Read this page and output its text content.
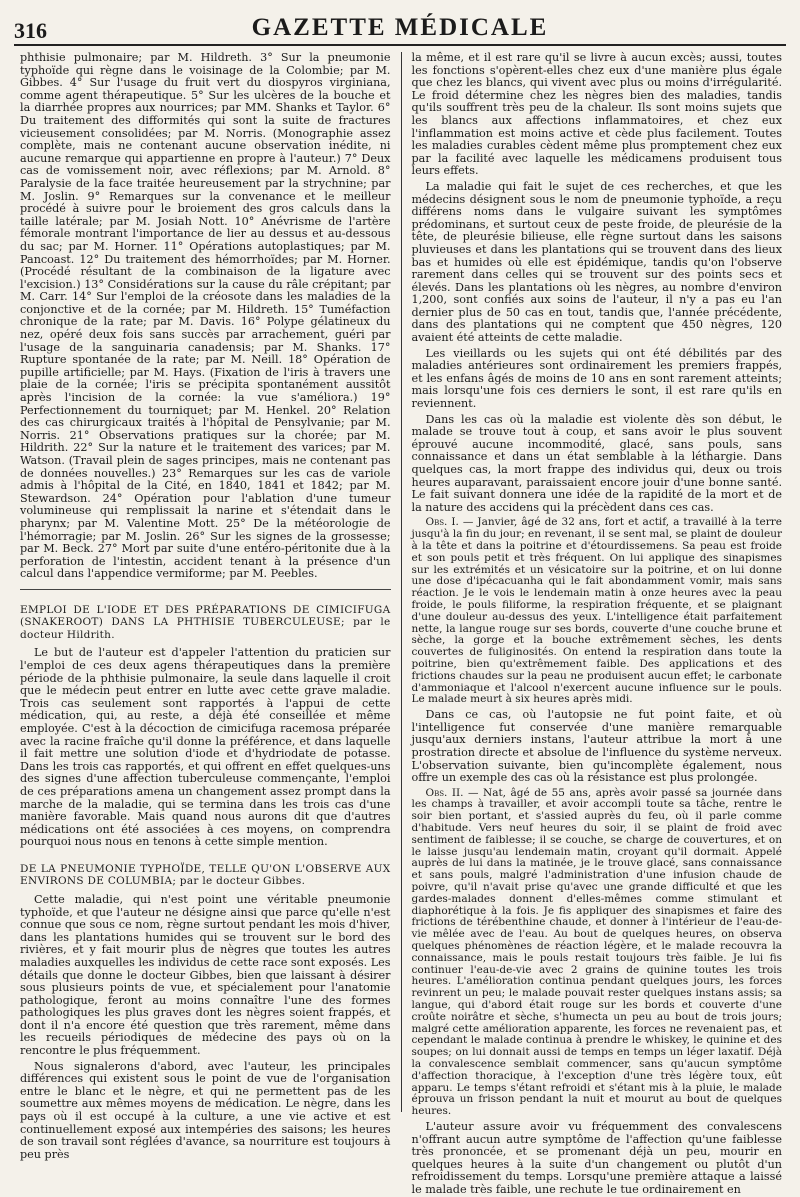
316	GAZETTE MÉDICALE

phthisie pulmonaire; par M. Hildreth. 3° Sur la pneumonie typhoïde qui règne dans le voisinage de la Colombie; par M. Gibbes. 4° Sur l'usage du fruit vert du diospyros virginiana, comme agent thérapeutique. 5° Sur les ulcères de la bouche et la diarrhée propres aux nourrices; par MM. Shanks et Taylor. 6° Du traitement des difformités qui sont la suite de fractures vicieusement consolidées; par M. Norris. (Monographie assez complète, mais ne contenant aucune observation inédite, ni aucune remarque qui appartienne en propre à l'auteur.) 7° Deux cas de vomissement noir, avec réflexions; par M. Arnold. 8° Paralysie de la face traitée heureusement par la strychnine; par M. Joslin. 9° Remarques sur la convenance et le meilleur procédé à suivre pour le broiement des gros calculs dans la taille latérale; par M. Josiah Nott. 10° Anévrisme de l'artère fémorale montrant l'importance de lier au dessus et au-dessous du sac; par M. Horner. 11° Opérations autoplastiques; par M. Pancoast. 12° Du traitement des hémorrhoïdes; par M. Horner. (Procédé résultant de la combinaison de la ligature avec l'excision.) 13° Considérations sur la cause du râle crépitant; par M. Carr. 14° Sur l'emploi de la créosote dans les maladies de la conjonctive et de la cornée; par M. Hildreth. 15° Tuméfaction chronique de la rate; par M. Davis. 16° Polype gélatineux du nez, opéré deux fois sans succès par arrachement, guéri par l'usage de la sanguinaria canadensis; par M. Shanks. 17° Rupture spontanée de la rate; par M. Neill. 18° Opération de pupille artificielle; par M. Hays. (Fixation de l'iris à travers une plaie de la cornée; l'iris se précipita spontanément aussitôt après l'incision de la cornée: la vue s'améliora.) 19° Perfectionnement du tourniquet; par M. Henkel. 20° Relation des cas chirurgicaux traités à l'hôpital de Pensylvanie; par M. Norris. 21° Observations pratiques sur la chorée; par M. Hildrith. 22° Sur la nature et le traitement des varices; par M. Watson. (Travail plein de sages principes, mais ne contenant pas de données nouvelles.) 23° Remarques sur les cas de variole admis à l'hôpital de la Cité, en 1840, 1841 et 1842; par M. Stewardson. 24° Opération pour l'ablation d'une tumeur volumineuse qui remplissait la narine et s'étendait dans le pharynx; par M. Valentine Mott. 25° De la météorologie de l'hémorragie; par M. Joslin. 26° Sur les signes de la grossesse; par M. Beck. 27° Mort par suite d'une entéro-péritonite due à la perforation de l'intestin, accident tenant à la présence d'un calcul dans l'appendice vermiforme; par M. Peebles.

EMPLOI DE L'IODE ET DES PRÉPARATIONS DE CIMICIFUGA (SNAKEROOT) DANS LA PHTHISIE TUBERCULEUSE; par le docteur Hildrith.

Le but de l'auteur est d'appeler l'attention du praticien sur l'emploi de ces deux agens thérapeutiques dans la première période de la phthisie pulmonaire, la seule dans laquelle il croit que le médecin peut entrer en lutte avec cette grave maladie. Trois cas seulement sont rapportés à l'appui de cette médication, qui, au reste, a déjà été conseillée et même employée. C'est à la décoction de cimicifuga racemosa préparée avec la racine fraîche qu'il donne la préférence, et dans laquelle il fait mettre une solution d'iode et d'hydriodate de potasse. Dans les trois cas rapportés, et qui offrent en effet quelques-uns des signes d'une affection tuberculeuse commençante, l'emploi de ces préparations amena un changement assez prompt dans la marche de la maladie, qui se termina dans les trois cas d'une manière favorable. Mais quand nous aurons dit que d'autres médications ont été associées à ces moyens, on comprendra pourquoi nous nous en tenons à cette simple mention.

DE LA PNEUMONIE TYPHOÏDE, TELLE QU'ON L'OBSERVE AUX ENVIRONS DE COLUMBIA; par le docteur Gibbes.

Cette maladie, qui n'est point une véritable pneumonie typhoïde, et que l'auteur ne désigne ainsi que parce qu'elle n'est connue que sous ce nom, règne surtout pendant les mois d'hiver, dans les plantations humides qui se trouvent sur le bord des rivières, et y fait mourir plus de nègres que toutes les autres maladies auxquelles les individus de cette race sont exposés. Les détails que donne le docteur Gibbes, bien que laissant à désirer sous plusieurs points de vue, et spécialement pour l'anatomie pathologique, feront au moins connaître l'une des formes pathologiques les plus graves dont les nègres soient frappés, et dont il n'a encore été question que très rarement, même dans les recueils périodiques de médecine des pays où on la rencontre le plus fréquemment.

Nous signalerons d'abord, avec l'auteur, les principales différences qui existent sous le point de vue de l'organisation entre le blanc et le nègre, et qui ne permettent pas de les soumettre aux mêmes moyens de médication. Le nègre, dans les pays où il est occupé à la culture, a une vie active et est continuellement exposé aux intempéries des saisons; les heures de son travail sont réglées d'avance, sa nourriture est toujours à peu près

la même, et il est rare qu'il se livre à aucun excès; aussi, toutes les fonctions s'opèrent-elles chez eux d'une manière plus égale que chez les blancs, qui vivent avec plus ou moins d'irrégularité. Le froid détermine chez les nègres bien des maladies, tandis qu'ils souffrent très peu de la chaleur. Ils sont moins sujets que les blancs aux affections inflammatoires, et chez eux l'inflammation est moins active et cède plus facilement. Toutes les maladies curables cèdent même plus promptement chez eux par la facilité avec laquelle les médicamens produisent tous leurs effets.

La maladie qui fait le sujet de ces recherches, et que les médecins désignent sous le nom de pneumonie typhoïde, a reçu différens noms dans le vulgaire suivant les symptômes prédominans, et surtout ceux de peste froide, de pleurésie de la tête, de pleurésie bilieuse, elle règne surtout dans les saisons pluvieuses et dans les plantations qui se trouvent dans des lieux bas et humides où elle est épidémique, tandis qu'on l'observe rarement dans celles qui se trouvent sur des points secs et élevés. Dans les plantations où les nègres, au nombre d'environ 1,200, sont confiés aux soins de l'auteur, il n'y a pas eu l'an dernier plus de 50 cas en tout, tandis que, l'année précédente, dans des plantations qui ne comptent que 450 nègres, 120 avaient été atteints de cette maladie.

Les vieillards ou les sujets qui ont été débilités par des maladies antérieures sont ordinairement les premiers frappés, et les enfans âgés de moins de 10 ans en sont rarement atteints; mais lorsqu'une fois ces derniers le sont, il est rare qu'ils en reviennent.

Dans les cas où la maladie est violente dès son début, le malade se trouve tout à coup, et sans avoir le plus souvent éprouvé aucune incommodité, glacé, sans pouls, sans connaissance et dans un état semblable à la léthargie. Dans quelques cas, la mort frappe des individus qui, deux ou trois heures auparavant, paraissaient encore jouir d'une bonne santé. Le fait suivant donnera une idée de la rapidité de la mort et de la nature des accidens qui la précèdent dans ces cas.

Obs. I. — Janvier, âgé de 32 ans, fort et actif, a travaillé à la terre jusqu'à la fin du jour; en revenant, il se sent mal, se plaint de douleur à la tête et dans la poitrine et d'étourdissemens. Sa peau est froide et son pouls petit et très fréquent. On lui applique des sinapismes sur les extrémités et un vésicatoire sur la poitrine, et on lui donne une dose d'ipécacuanha qui le fait abondamment vomir, mais sans réaction. Je le vois le lendemain matin à onze heures avec la peau froide, le pouls filiforme, la respiration fréquente, et se plaignant d'une douleur au-dessus des yeux. L'intelligence était parfaitement nette, la langue rouge sur ses bords, couverte d'une couche brune et sèche, la gorge et la bouche extrêmement sèches, les dents couvertes de fuliginosités. On entend la respiration dans toute la poitrine, bien qu'extrêmement faible. Des applications et des frictions chaudes sur la peau ne produisent aucun effet; le carbonate d'ammoniaque et l'alcool n'exercent aucune influence sur le pouls. Le malade meurt à six heures après midi.

Dans ce cas, où l'autopsie ne fut point faite, et où l'intelligence fut conservée d'une manière remarquable jusqu'aux derniers instans, l'auteur attribue la mort à une prostration directe et absolue de l'influence du système nerveux. L'observation suivante, bien qu'incomplète également, nous offre un exemple des cas où la résistance est plus prolongée.

Obs. II. — Nat, âgé de 55 ans, après avoir passé sa journée dans les champs à travailler, et avoir accompli toute sa tâche, rentre le soir bien portant, et s'assied auprès du feu, où il parle comme d'habitude. Vers neuf heures du soir, il se plaint de froid avec sentiment de faiblesse; il se couche, se charge de couvertures, et on le laisse jusqu'au lendemain matin, croyant qu'il dormait. Appelé auprès de lui dans la matinée, je le trouve glacé, sans connaissance et sans pouls, malgré l'administration d'une infusion chaude de poivre, qu'il n'avait prise qu'avec une grande difficulté et que les gardes-malades donnent d'elles-mêmes comme stimulant et diaphorétique à la fois. Je fis appliquer des sinapismes et faire des frictions de térébenthine chaude, et donner à l'intérieur de l'eau-de-vie mêlée avec de l'eau. Au bout de quelques heures, on observa quelques phénomènes de réaction légère, et le malade recouvra la connaissance, mais le pouls restait toujours très faible. Je lui fis continuer l'eau-de-vie avec 2 grains de quinine toutes les trois heures. L'amélioration continua pendant quelques jours, les forces revinrent un peu; le malade pouvait rester quelques instans assis; sa langue, qui d'abord était rouge sur les bords et couverte d'une croûte noirâtre et sèche, s'humecta un peu au bout de trois jours; malgré cette amélioration apparente, les forces ne revenaient pas, et cependant le malade continua à prendre le whiskey, le quinine et des soupes; on lui donnait aussi de temps en temps un léger laxatif. Déjà la convalescence semblait commencer, sans qu'aucun symptôme d'affection thoracique, à l'exception d'une très légère toux, eût apparu. Le temps s'étant refroidi et s'étant mis à la pluie, le malade éprouva un frisson pendant la nuit et mourut au bout de quelques heures.

L'auteur assure avoir vu fréquemment des convalescens n'offrant aucun autre symptôme de l'affection qu'une faiblesse très prononcée, et se promenant déjà un peu, mourir en quelques heures à la suite d'un changement ou plutôt d'un refroidissement du temps. Lorsqu'une première attaque a laissé le malade très faible, une rechute le tue ordinairement en
